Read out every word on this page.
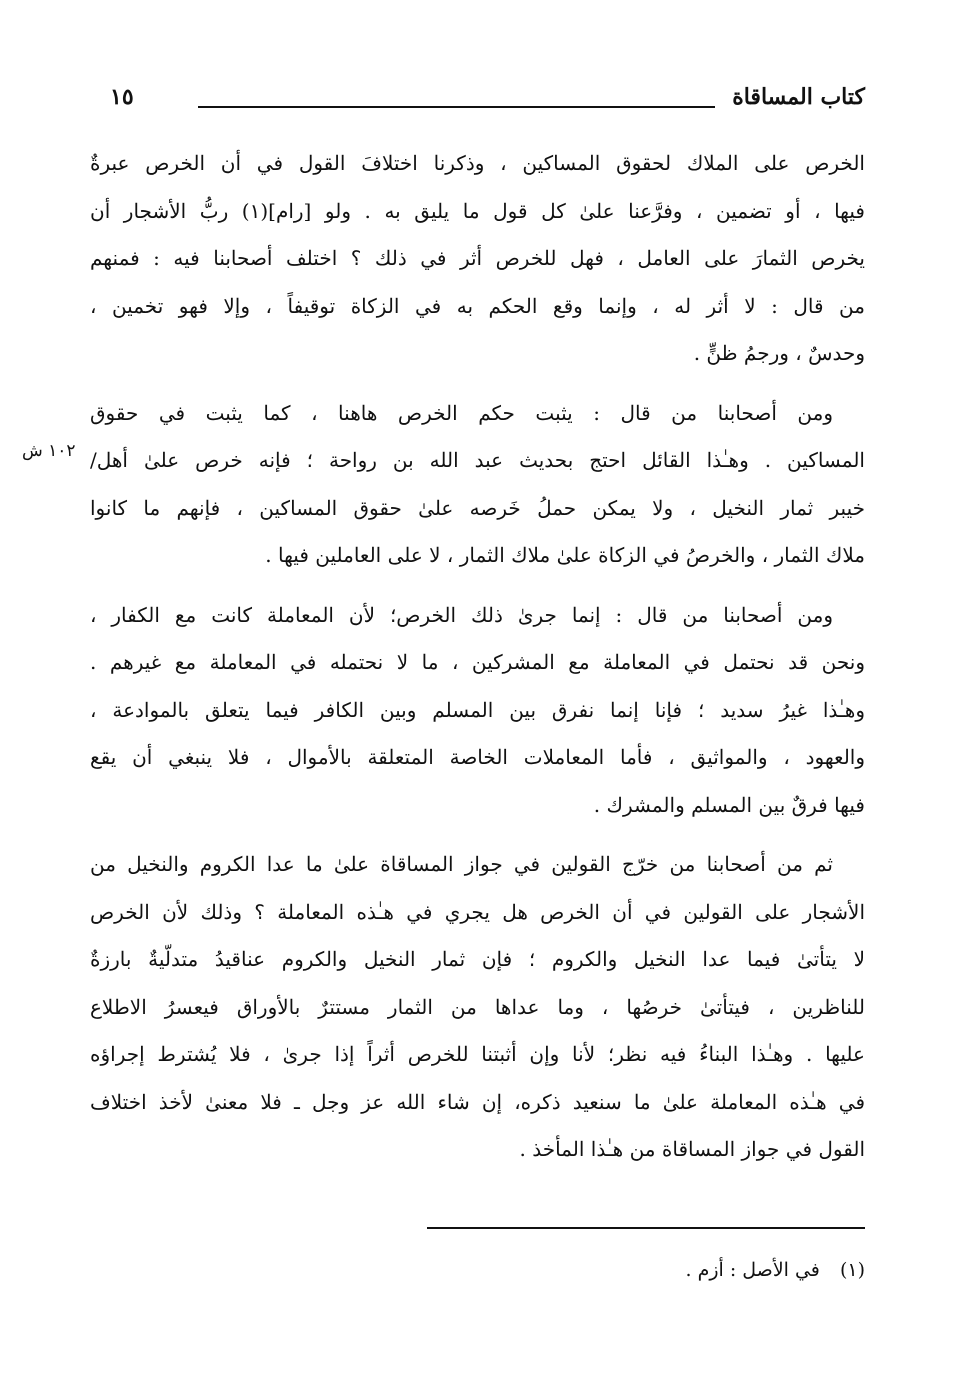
كتاب المساقاة
١٥
١٠٢ ش
الخرص على الملاك لحقوق المساكين ، وذكرنا اختلافَ القول في أن الخرص عبرةٌ
فيها ، أو تضمين ، وفرَّعنا علىٰ كل قول ما يليق به . ولو [رام](١) ربُّ الأشجار أن
يخرص الثمارَ على العامل ، فهل للخرص أثر في ذلك ؟ اختلف أصحابنا فيه : فمنهم
من قال : لا أثر له ، وإنما وقع الحكم به في الزكاة توقيفاً ، وإلا فهو تخمين ،
وحدسٌ ، ورجمُ ظنٍّ .
ومن أصحابنا من قال : يثبت حكم الخرص هاهنا ، كما يثبت في حقوق
المساكين . وهـٰذا القائل احتج بحديث عبد الله بن رواحة ؛ فإنه خرص علىٰ أهل/
خيبر ثمار النخيل ، ولا يمكن حملُ خَرصه علىٰ حقوق المساكين ، فإنهم ما كانوا
ملاك الثمار ، والخرصُ في الزكاة علىٰ ملاك الثمار ، لا على العاملين فيها .
ومن أصحابنا من قال : إنما جرىٰ ذلك الخرص؛ لأن المعاملة كانت مع الكفار ،
ونحن قد نحتمل في المعاملة مع المشركين ، ما لا نحتمله في المعاملة مع غيرهم .
وهـٰذا غيرُ سديد ؛ فإنا إنما نفرق بين المسلم وبين الكافر فيما يتعلق بالموادعة ،
والعهود ، والمواثيق ، فأما المعاملات الخاصة المتعلقة بالأموال ، فلا ينبغي أن يقع
فيها فرقٌ بين المسلم والمشرك .
ثم من أصحابنا من خرّج القولين في جواز المساقاة علىٰ ما عدا الكروم والنخيل من
الأشجار على القولين في أن الخرص هل يجري في هـٰذه المعاملة ؟ وذلك لأن الخرص
لا يتأتىٰ فيما عدا النخيل والكروم ؛ فإن ثمار النخيل والكروم عناقيدُ متدلّيةٌ بارزةٌ
للناظرين ، فيتأتىٰ خرصُها ، وما عداها من الثمار مستترٌ بالأوراق فيعسرُ الاطلاع
عليها . وهـٰذا البناءُ فيه نظر؛ لأنا وإن أثبتنا للخرص أثراً إذا جرىٰ ، فلا يُشترط إجراؤه
في هـٰذه المعاملة علىٰ ما سنعيد ذكره، إن شاء الله عز وجل ـ فلا معنىٰ لأخذ اختلاف
القول في جواز المساقاة من هـٰذا المأخذ .
(١) في الأصل : أزم .
